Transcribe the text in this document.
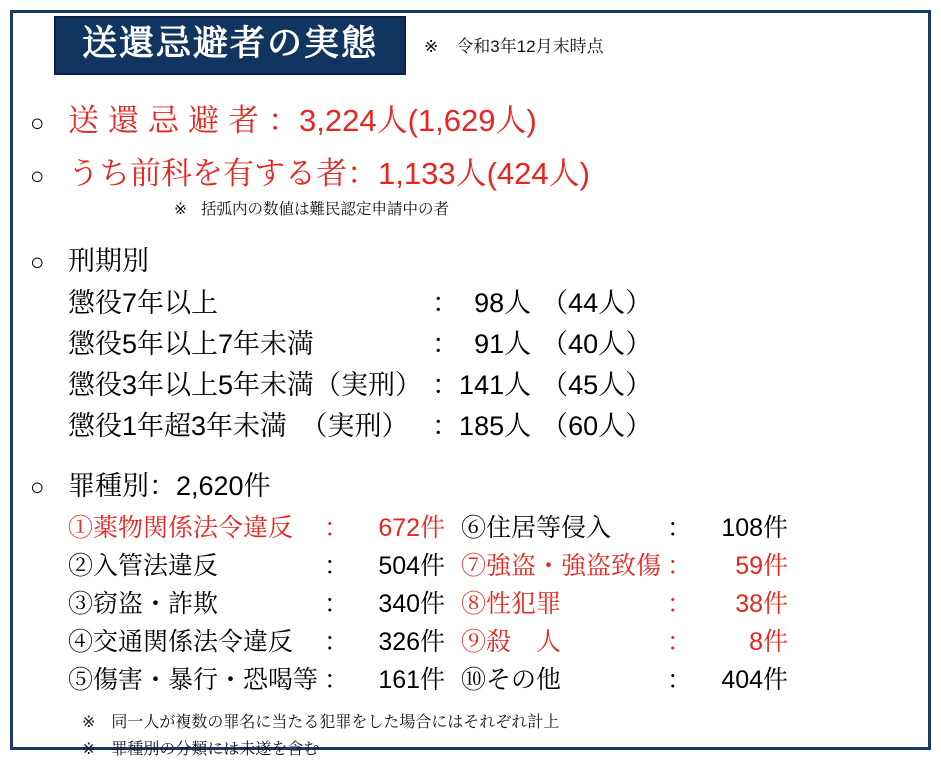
送還忌避者の実態	※ 令和3年12月末時点
○ 送還忌避者 ：3,224人(1,629人)
○ うち前科を有する者 ：1,133人(424人)
※ 括弧内の数値は難民認定申請中の者
○ 刑期別
懲役7年以上	：	98人	（44人）
懲役5年以上7年未満	：	91人	（40人）
懲役3年以上5年未満（実刑）	：	141人	（45人）
懲役1年超3年未満　（実刑）	：	185人	（60人）
○ 罪種別：2,620件
①薬物関係法令違反	：	672件
②入管法違反	：	504件
③窃盗・詐欺	：	340件
④交通関係法令違反	：	326件
⑤傷害・暴行・恐喝等	：	161件
⑥住居等侵入	：	108件
⑦強盗・強盗致傷	：	59件
⑧性犯罪	：	38件
⑨殺　人	：	8件
⑩その他	：	404件
※ 同一人が複数の罪名に当たる犯罪をした場合にはそれぞれ計上
※ 罪種別の分類には未遂を含む
